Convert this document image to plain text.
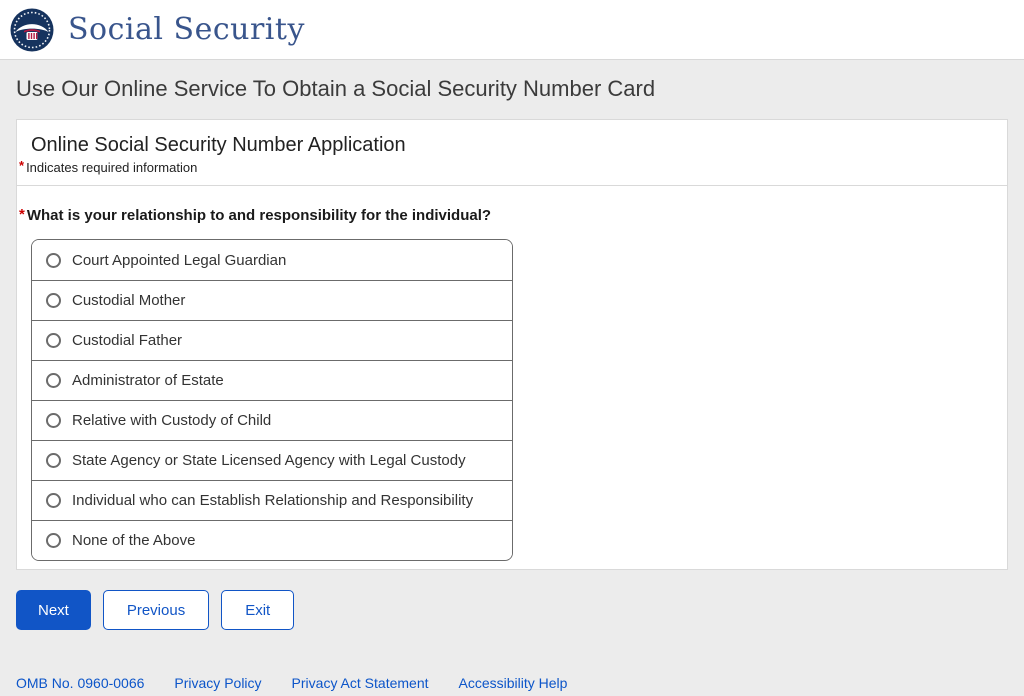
Social Security
Use Our Online Service To Obtain a Social Security Number Card
Online Social Security Number Application
* Indicates required information
* What is your relationship to and responsibility for the individual?
Court Appointed Legal Guardian
Custodial Mother
Custodial Father
Administrator of Estate
Relative with Custody of Child
State Agency or State Licensed Agency with Legal Custody
Individual who can Establish Relationship and Responsibility
None of the Above
Next	Previous	Exit
OMB No. 0960-0066 Privacy Policy Privacy Act Statement Accessibility Help
